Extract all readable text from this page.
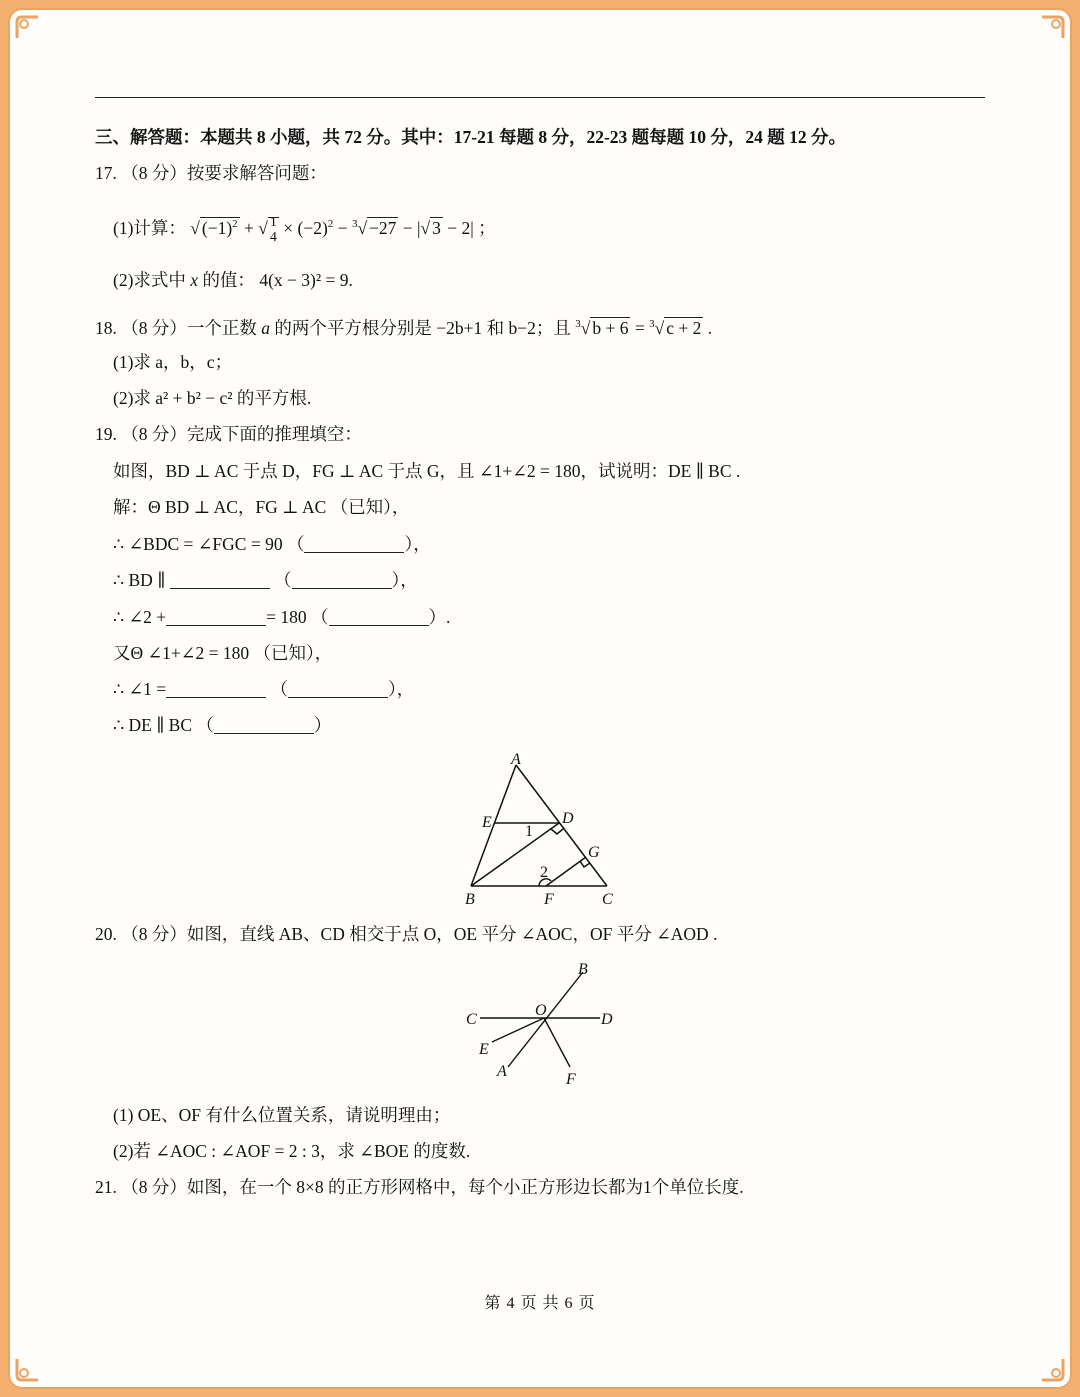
三、解答题：本题共 8 小题，共 72 分。其中：17-21 每题 8 分，22-23 题每题 10 分，24 题 12 分。
17. （8 分）按要求解答问题：
(1)计算： √ $(-1)^2$ + √ 1
$4 \times (-2)^2 - ^3√ -27$ − |√ 3 − 2| ；
(2)求式中 x 的值： 4(x − 3)² = 9.
18. （8 分）一个正数 a 的两个平方根分别是 −2b+1 和 b−2；且 $^3$√ b + 6 = $^3$√ c + 2 .
(1)求 a，b，c；
(2)求 a² + b² − c² 的平方根.
19. （8 分）完成下面的推理填空：
如图，BD ⊥ AC 于点 D，FG ⊥ AC 于点 G，且 ∠1+∠2 = 180，试说明：DE ∥ BC .
解：Θ BD ⊥ AC，FG ⊥ AC （已知），
∴ ∠BDC = ∠FGC = 90 （	），
∴ BD ∥	（	），
∴ ∠2 +	= 180 （	）.
又Θ ∠1+∠2 = 180 （已知），
∴ ∠1 =	（	），
∴ DE ∥ BC （	）
A
E	D
1
G
2
B	F	C
20. （8 分）如图，直线 AB、CD 相交于点 O，OE 平分 ∠AOC，OF 平分 ∠AOD .
B
C
O
D
E
A	F
(1) OE、OF 有什么位置关系，请说明理由；
(2)若 ∠AOC : ∠AOF = 2 : 3，求 ∠BOE 的度数.
21. （8 分）如图，在一个 8×8 的正方形网格中，每个小正方形边长都为1个单位长度.
第 4 页 共 6 页
